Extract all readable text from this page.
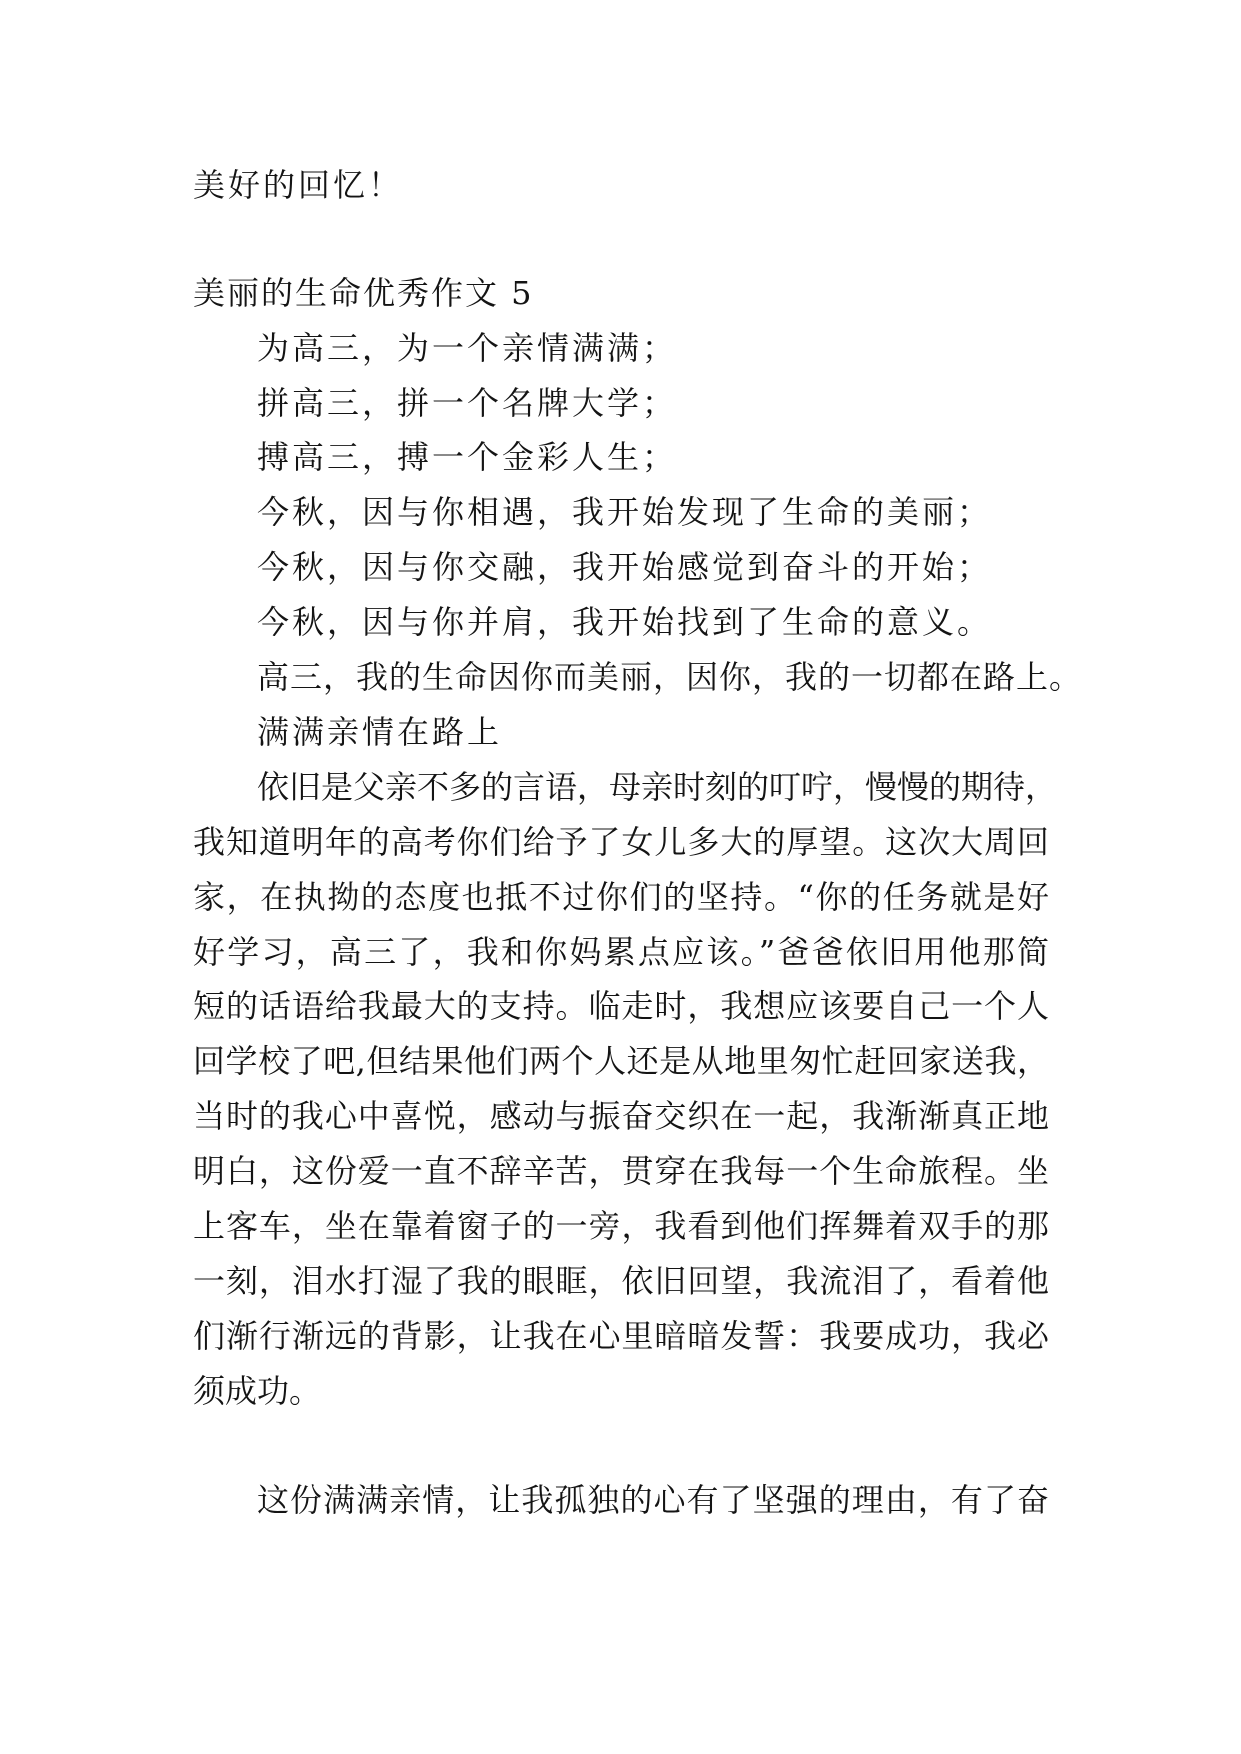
美好的回忆！
美丽的生命优秀作文 5
为高三，为一个亲情满满；
拼高三，拼一个名牌大学；
搏高三，搏一个金彩人生；
今秋，因与你相遇，我开始发现了生命的美丽；
今秋，因与你交融，我开始感觉到奋斗的开始；
今秋，因与你并肩，我开始找到了生命的意义。
高三，我的生命因你而美丽，因你，我的一切都在路上。
满满亲情在路上
依旧是父亲不多的言语，母亲时刻的叮咛，慢慢的期待，
我知道明年的高考你们给予了女儿多大的厚望。这次大周回
家，在执拗的态度也抵不过你们的坚持。“你的任务就是好
好学习，高三了，我和你妈累点应该。”爸爸依旧用他那简
短的话语给我最大的支持。临走时，我想应该要自己一个人
回学校了吧,但结果他们两个人还是从地里匆忙赶回家送我，
当时的我心中喜悦，感动与振奋交织在一起，我渐渐真正地
明白，这份爱一直不辞辛苦，贯穿在我每一个生命旅程。坐
上客车，坐在靠着窗子的一旁，我看到他们挥舞着双手的那
一刻，泪水打湿了我的眼眶，依旧回望，我流泪了，看着他
们渐行渐远的背影，让我在心里暗暗发誓：我要成功，我必
须成功。
这份满满亲情，让我孤独的心有了坚强的理由，有了奋
